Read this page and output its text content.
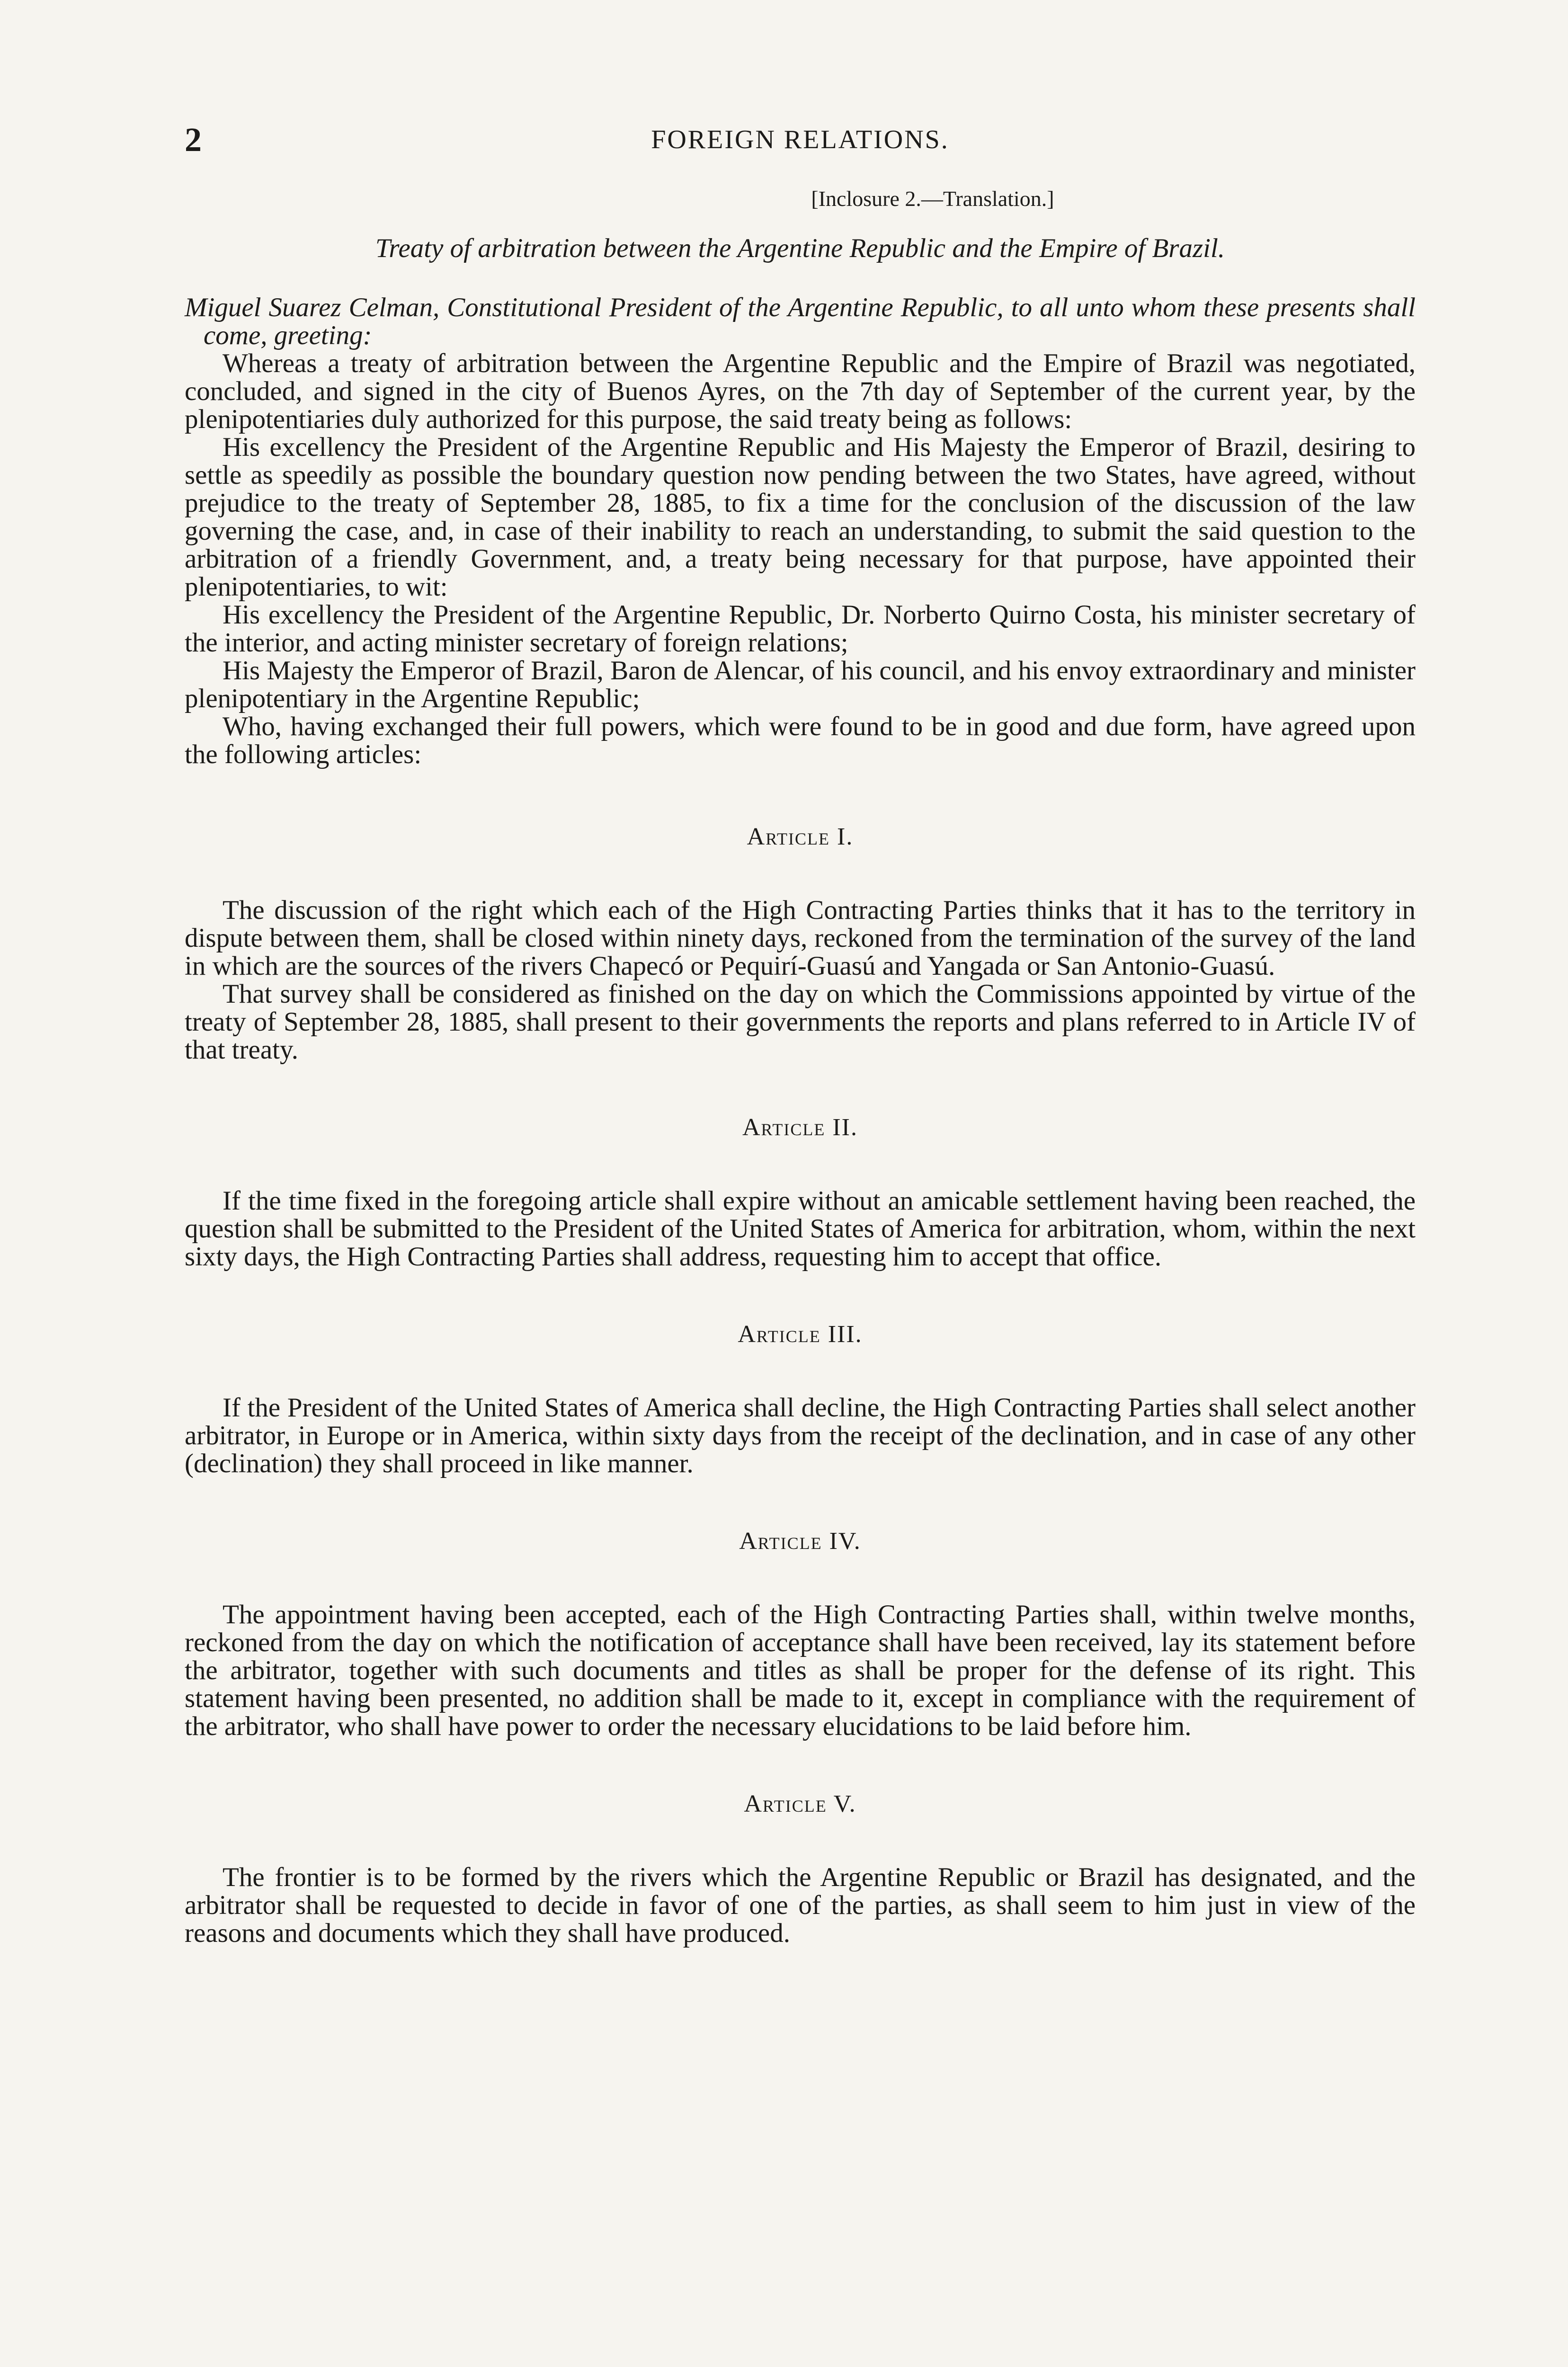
2	FOREIGN RELATIONS.
[Inclosure 2.—Translation.]
Treaty of arbitration between the Argentine Republic and the Empire of Brazil.

Miguel Suarez Celman, Constitutional President of the Argentine Republic, to all unto whom these presents shall come, greeting:

Whereas a treaty of arbitration between the Argentine Republic and the Empire of Brazil was negotiated, concluded, and signed in the city of Buenos Ayres, on the 7th day of September of the current year, by the plenipotentiaries duly authorized for this purpose, the said treaty being as follows:

His excellency the President of the Argentine Republic and His Majesty the Emperor of Brazil, desiring to settle as speedily as possible the boundary question now pending between the two States, have agreed, without prejudice to the treaty of September 28, 1885, to fix a time for the conclusion of the discussion of the law governing the case, and, in case of their inability to reach an understanding, to submit the said question to the arbitration of a friendly Government, and, a treaty being necessary for that purpose, have appointed their plenipotentiaries, to wit:

His excellency the President of the Argentine Republic, Dr. Norberto Quirno Costa, his minister secretary of the interior, and acting minister secretary of foreign relations;

His Majesty the Emperor of Brazil, Baron de Alencar, of his council, and his envoy extraordinary and minister plenipotentiary in the Argentine Republic;

Who, having exchanged their full powers, which were found to be in good and due form, have agreed upon the following articles:

Article I.

The discussion of the right which each of the High Contracting Parties thinks that it has to the territory in dispute between them, shall be closed within ninety days, reckoned from the termination of the survey of the land in which are the sources of the rivers Chapecó or Pequirí-Guasú and Yangada or San Antonio-Guasú.

That survey shall be considered as finished on the day on which the Commissions appointed by virtue of the treaty of September 28, 1885, shall present to their governments the reports and plans referred to in Article IV of that treaty.

Article II.

If the time fixed in the foregoing article shall expire without an amicable settlement having been reached, the question shall be submitted to the President of the United States of America for arbitration, whom, within the next sixty days, the High Contracting Parties shall address, requesting him to accept that office.

Article III.

If the President of the United States of America shall decline, the High Contracting Parties shall select another arbitrator, in Europe or in America, within sixty days from the receipt of the declination, and in case of any other (declination) they shall proceed in like manner.

Article IV.

The appointment having been accepted, each of the High Contracting Parties shall, within twelve months, reckoned from the day on which the notification of acceptance shall have been received, lay its statement before the arbitrator, together with such documents and titles as shall be proper for the defense of its right. This statement having been presented, no addition shall be made to it, except in compliance with the requirement of the arbitrator, who shall have power to order the necessary elucidations to be laid before him.

Article V.

The frontier is to be formed by the rivers which the Argentine Republic or Brazil has designated, and the arbitrator shall be requested to decide in favor of one of the parties, as shall seem to him just in view of the reasons and documents which they shall have produced.
